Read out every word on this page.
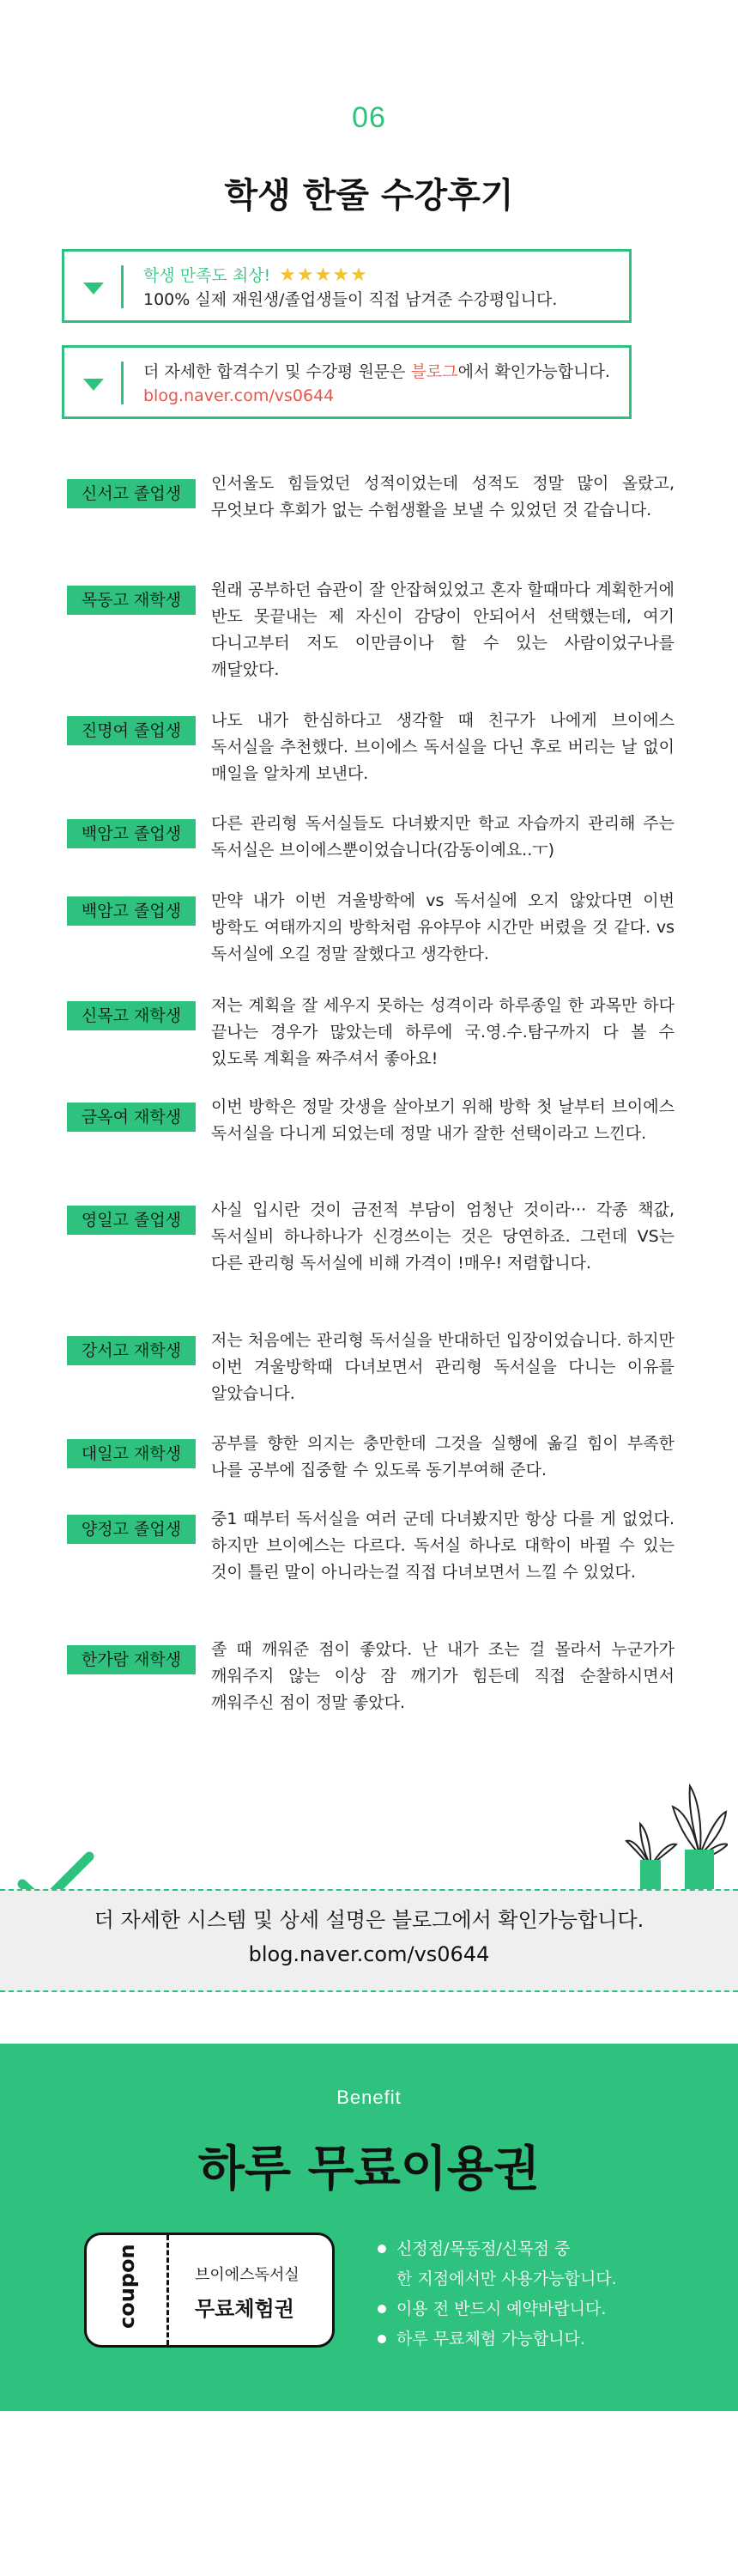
06
학생 한줄 수강후기
학생 만족도 최상! ★★★★★
100% 실제 재원생/졸업생들이 직접 남겨준 수강평입니다.
더 자세한 합격수기 및 수강평 원문은 블로그에서 확인가능합니다.
blog.naver.com/vs0644
신서고 졸업생
인서울도 힘들었던 성적이었는데 성적도 정말 많이 올랐고, 무엇보다 후회가 없는 수험생활을 보낼 수 있었던 것 같습니다.
목동고 재학생
원래 공부하던 습관이 잘 안잡혀있었고 혼자 할때마다 계획한거에 반도 못끝내는 제 자신이 감당이 안되어서 선택했는데, 여기 다니고부터 저도 이만큼이나 할 수 있는 사람이었구나를 깨달았다.
진명여 졸업생
나도 내가 한심하다고 생각할 때 친구가 나에게 브이에스 독서실을 추천했다. 브이에스 독서실을 다닌 후로 버리는 날 없이 매일을 알차게 보낸다.
백암고 졸업생
다른 관리형 독서실들도 다녀봤지만 학교 자습까지 관리해 주는 독서실은 브이에스뿐이었습니다(감동이예요..ㅜ)
백암고 졸업생
만약 내가 이번 겨울방학에 vs 독서실에 오지 않았다면 이번 방학도 여태까지의 방학처럼 유야무야 시간만 버렸을 것 같다. vs 독서실에 오길 정말 잘했다고 생각한다.
신목고 재학생
저는 계획을 잘 세우지 못하는 성격이라 하루종일 한 과목만 하다 끝나는 경우가 많았는데 하루에 국.영.수.탐구까지 다 볼 수 있도록 계획을 짜주셔서 좋아요!
금옥여 재학생
이번 방학은 정말 갓생을 살아보기 위해 방학 첫 날부터 브이에스 독서실을 다니게 되었는데 정말 내가 잘한 선택이라고 느낀다.
영일고 졸업생
사실 입시란 것이 금전적 부담이 엄청난 것이라··· 각종 책값, 독서실비 하나하나가 신경쓰이는 것은 당연하죠. 그런데 VS는 다른 관리형 독서실에 비해 가격이 !매우! 저렴합니다.
강서고 재학생
저는 처음에는 관리형 독서실을 반대하던 입장이었습니다. 하지만 이번 겨울방학때 다녀보면서 관리형 독서실을 다니는 이유를 알았습니다.
대일고 재학생
공부를 향한 의지는 충만한데 그것을 실행에 옮길 힘이 부족한 나를 공부에 집중할 수 있도록 동기부여해 준다.
양정고 졸업생
중1 때부터 독서실을 여러 군데 다녀봤지만 항상 다를 게 없었다. 하지만 브이에스는 다르다. 독서실 하나로 대학이 바뀔 수 있는 것이 틀린 말이 아니라는걸 직접 다녀보면서 느낄 수 있었다.
한가람 재학생
졸 때 깨워준 점이 좋았다. 난 내가 조는 걸 몰라서 누군가가 깨워주지 않는 이상 잠 깨기가 힘든데 직접 순찰하시면서 깨워주신 점이 정말 좋았다.
더 자세한 시스템 및 상세 설명은 블로그에서 확인가능합니다.
blog.naver.com/vs0644
Benefit
하루 무료이용권
coupon	브이에스독서실
무료체험권
신정점/목동점/신목점 중
한 지점에서만 사용가능합니다.
이용 전 반드시 예약바랍니다.
하루 무료체험 가능합니다.
